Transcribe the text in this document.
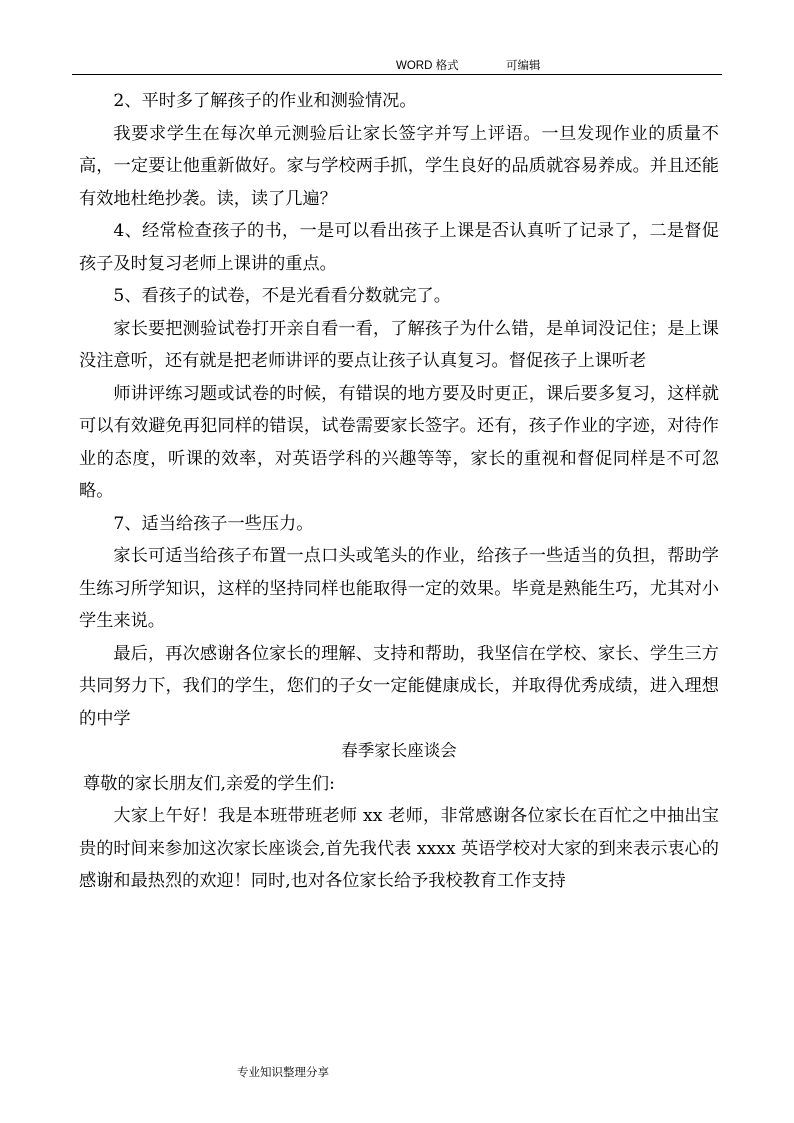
WORD 格式	可编辑

2、平时多了解孩子的作业和测验情况。

我要求学生在每次单元测验后让家长签字并写上评语。一旦发现作业的质量不高，一定要让他重新做好。家与学校两手抓，学生良好的品质就容易养成。并且还能有效地杜绝抄袭。读，读了几遍？

4、经常检查孩子的书，一是可以看出孩子上课是否认真听了记录了，二是督促孩子及时复习老师上课讲的重点。

5、看孩子的试卷，不是光看看分数就完了。

家长要把测验试卷打开亲自看一看，了解孩子为什么错，是单词没记住；是上课没注意听，还有就是把老师讲评的要点让孩子认真复习。督促孩子上课听老

师讲评练习题或试卷的时候，有错误的地方要及时更正，课后要多复习，这样就可以有效避免再犯同样的错误，试卷需要家长签字。还有，孩子作业的字迹，对待作业的态度，听课的效率，对英语学科的兴趣等等，家长的重视和督促同样是不可忽略。

7、适当给孩子一些压力。

家长可适当给孩子布置一点口头或笔头的作业，给孩子一些适当的负担，帮助学生练习所学知识，这样的坚持同样也能取得一定的效果。毕竟是熟能生巧，尤其对小学生来说。

最后，再次感谢各位家长的理解、支持和帮助，我坚信在学校、家长、学生三方共同努力下，我们的学生，您们的子女一定能健康成长，并取得优秀成绩，进入理想的中学

春季家长座谈会

尊敬的家长朋友们,亲爱的学生们:

大家上午好！我是本班带班老师 xx 老师，非常感谢各位家长在百忙之中抽出宝贵的时间来参加这次家长座谈会,首先我代表 xxxx 英语学校对大家的到来表示衷心的感谢和最热烈的欢迎！同时,也对各位家长给予我校教育工作支持

专业知识整理分享
